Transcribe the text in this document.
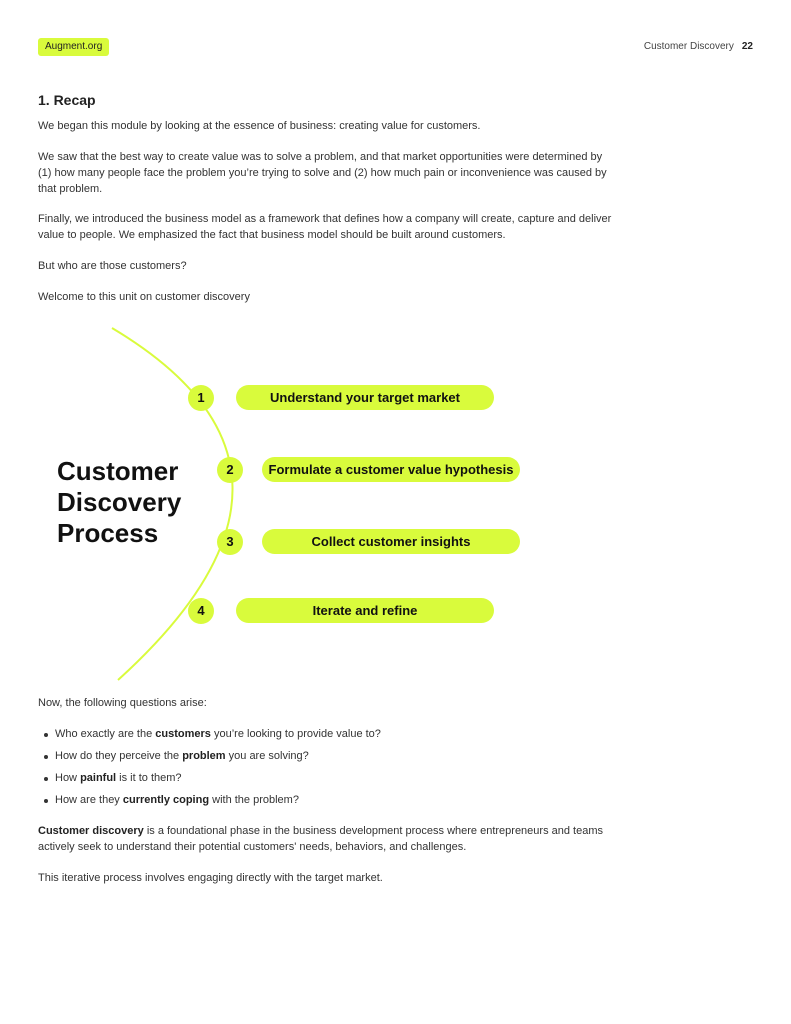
Augment.org	Customer Discovery 22
1. Recap

We began this module by looking at the essence of business: creating value for customers.

We saw that the best way to create value was to solve a problem, and that market opportunities were determined by (1) how many people face the problem you’re trying to solve and (2) how much pain or inconvenience was caused by that problem.

Finally, we introduced the business model as a framework that defines how a company will create, capture and deliver value to people. We emphasized the fact that business model should be built around customers.

But who are those customers?

Welcome to this unit on customer discovery

Customer
Discovery
Process
1	Understand your target market
2	Formulate a customer value hypothesis
3	Collect customer insights
4	Iterate and refine

Now, the following questions arise:

Who exactly are the customers you’re looking to provide value to?
How do they perceive the problem you are solving?
How painful is it to them?
How are they currently coping with the problem?

Customer discovery is a foundational phase in the business development process where entrepreneurs and teams actively seek to understand their potential customers' needs, behaviors, and challenges.

This iterative process involves engaging directly with the target market.
